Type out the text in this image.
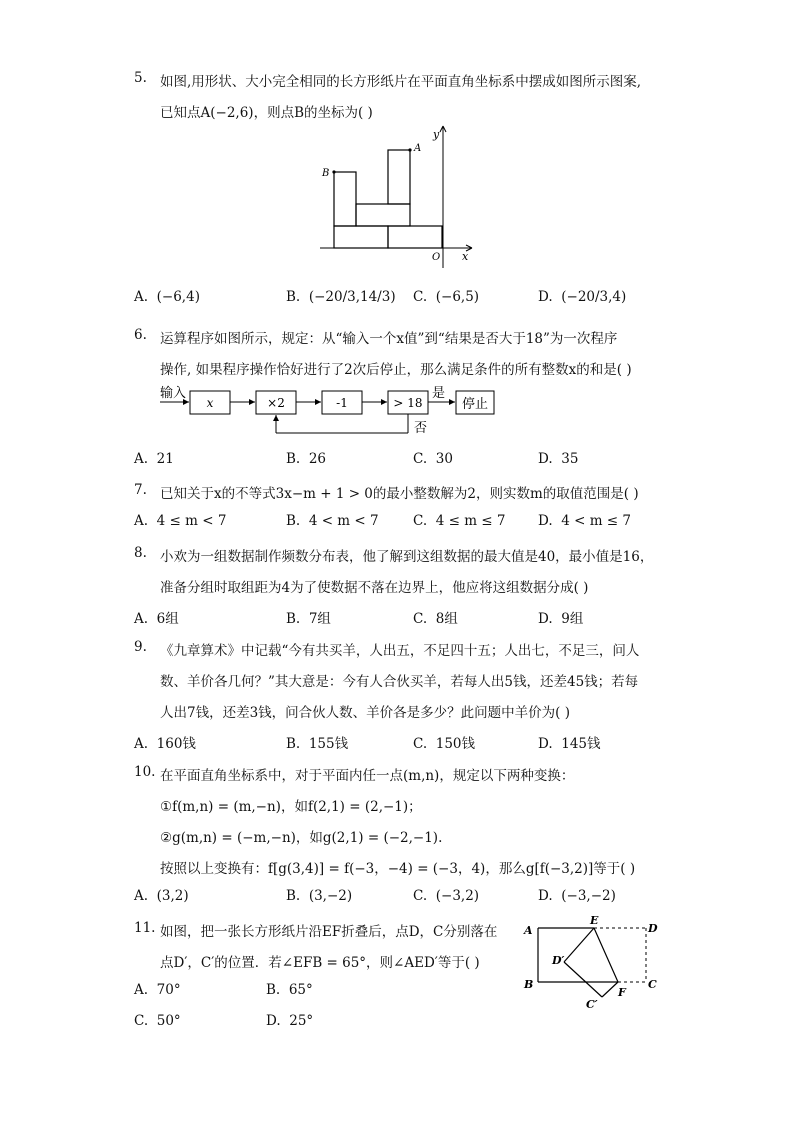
5. 如图,用形状、大小完全相同的长方形纸片在平面直角坐标系中摆成如图所示图案,
已知点A(−2,6)，则点B的坐标为( )
B
A
O x
y
A. (−6,4)	B. (−20/3,14/3) C. (−6,5)	D. (−20/3,4)
6. 运算程序如图所示，规定：从“输入一个x值”到“结果是否大于18”为一次程序
操作, 如果程序操作恰好进行了2次后停止，那么满足条件的所有整数x的和是( )
输入
x	×2	-1	> 18
是
停止
否
A. 21	B. 26	C. 30	D. 35
7. 已知关于x的不等式3x−m + 1 > 0的最小整数解为2，则实数m的取值范围是( )
A. 4 ≤ m < 7	B. 4 < m < 7	C. 4 ≤ m ≤ 7 D. 4 < m ≤ 7
8. 小欢为一组数据制作频数分布表，他了解到这组数据的最大值是40，最小值是16，
准备分组时取组距为4为了使数据不落在边界上，他应将这组数据分成( )
A. 6组	B. 7组	C. 8组	D. 9组
9. 《九章算术》中记载“今有共买羊，人出五，不足四十五；人出七，不足三，问人
数、羊价各几何？”其大意是：今有人合伙买羊，若每人出5钱，还差45钱；若每
人出7钱，还差3钱，问合伙人数、羊价各是多少？此问题中羊价为( )
A. 160钱	B. 155钱	C. 150钱	D. 145钱
10. 在平面直角坐标系中，对于平面内任一点(m,n)，规定以下两种变换：
①f(m,n) = (m,−n)，如f(2,1) = (2,−1)；
②g(m,n) = (−m,−n)，如g(2,1) = (−2,−1).
按照以上变换有：f[g(3,4)] = f(−3，−4) = (−3，4)，那么g[f(−3,2)]等于( )
A. (3,2)	B. (3,−2)	C. (−3,2)	D. (−3,−2)
11. 如图，把一张长方形纸片沿EF折叠后，点D，C分别落在
点D′，C′的位置．若∠EFB = 65°，则∠AED′等于( )
A
E
D
D′
B
C′
F
C
A. 70°	B. 65°
C. 50°	D. 25°
